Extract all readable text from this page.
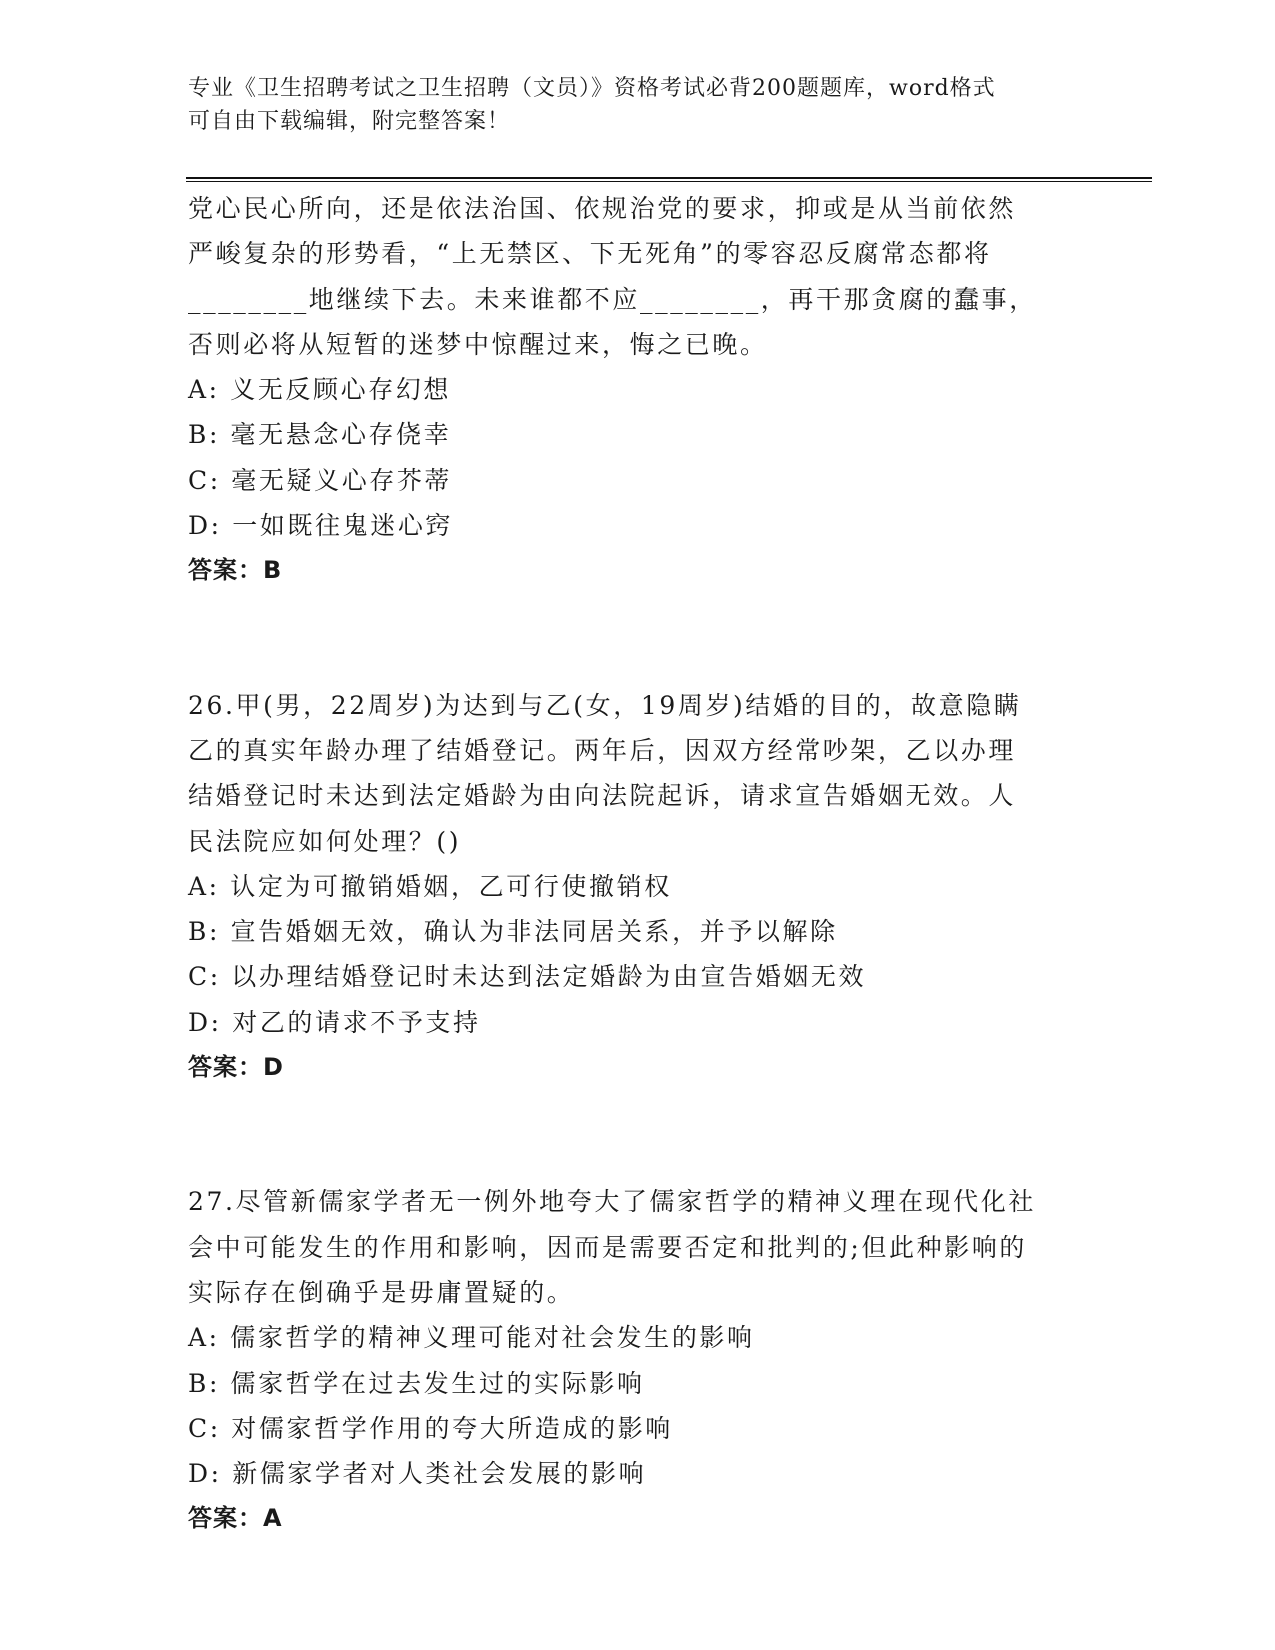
专业《卫生招聘考试之卫生招聘（文员）》资格考试必背200题题库，word格式
可自由下载编辑，附完整答案！
党心民心所向，还是依法治国、依规治党的要求，抑或是从当前依然
严峻复杂的形势看，“上无禁区、下无死角”的零容忍反腐常态都将
________地继续下去。未来谁都不应________，再干那贪腐的蠢事，
否则必将从短暂的迷梦中惊醒过来，悔之已晚。
A: 义无反顾心存幻想
B: 毫无悬念心存侥幸
C: 毫无疑义心存芥蒂
D: 一如既往鬼迷心窍
答案：B
26.甲(男，22周岁)为达到与乙(女，19周岁)结婚的目的，故意隐瞒
乙的真实年龄办理了结婚登记。两年后，因双方经常吵架，乙以办理
结婚登记时未达到法定婚龄为由向法院起诉，请求宣告婚姻无效。人
民法院应如何处理？()
A: 认定为可撤销婚姻，乙可行使撤销权
B: 宣告婚姻无效，确认为非法同居关系，并予以解除
C: 以办理结婚登记时未达到法定婚龄为由宣告婚姻无效
D: 对乙的请求不予支持
答案：D
27.尽管新儒家学者无一例外地夸大了儒家哲学的精神义理在现代化社
会中可能发生的作用和影响，因而是需要否定和批判的;但此种影响的
实际存在倒确乎是毋庸置疑的。
A: 儒家哲学的精神义理可能对社会发生的影响
B: 儒家哲学在过去发生过的实际影响
C: 对儒家哲学作用的夸大所造成的影响
D: 新儒家学者对人类社会发展的影响
答案：A
